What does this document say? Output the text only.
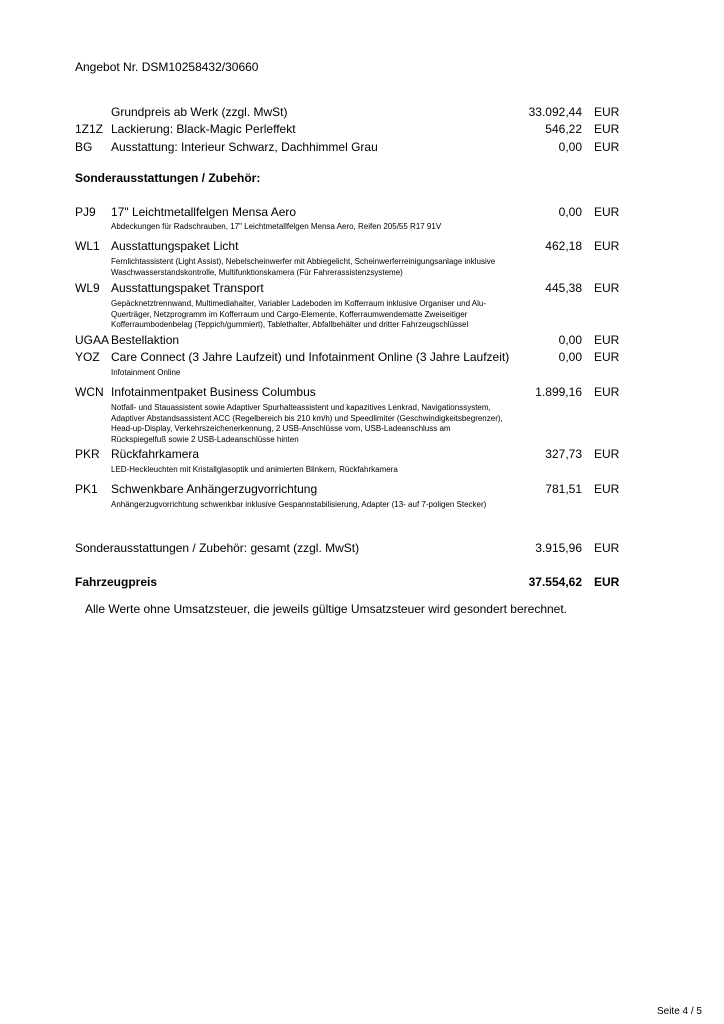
Angebot Nr. DSM10258432/30660
Grundpreis ab Werk (zzgl. MwSt)	33.092,44 EUR
1Z1Z Lackierung: Black-Magic Perleffekt	546,22 EUR
BG Ausstattung: Interieur Schwarz, Dachhimmel Grau	0,00 EUR
Sonderausstattungen / Zubehör:
PJ9 17" Leichtmetallfelgen Mensa Aero	0,00 EUR
Abdeckungen für Radschrauben, 17" Leichtmetallfelgen Mensa Aero, Reifen 205/55 R17 91V
WL1 Ausstattungspaket Licht	462,18 EUR
Fernlichtassistent (Light Assist), Nebelscheinwerfer mit Abbiegelicht, Scheinwerferreinigungsanlage inklusive Waschwasserstandskontrolle, Multifunktionskamera (Für Fahrerassistenzsysteme)
WL9 Ausstattungspaket Transport	445,38 EUR
Gepäcknetztrennwand, Multimediahalter, Variabler Ladeboden im Kofferraum inklusive Organiser und Alu-Querträger, Netzprogramm im Kofferraum und Cargo-Elemente, Kofferraumwendematte Zweiseitiger Kofferraumbodenbelag (Teppich/gummiert), Tablethalter, Abfallbehälter und dritter Fahrzeugschlüssel
UGAA Bestellaktion	0,00 EUR
YOZ Care Connect (3 Jahre Laufzeit) und Infotainment Online (3 Jahre Laufzeit)	0,00 EUR
Infotainment Online
WCN Infotainmentpaket Business Columbus	1.899,16 EUR
Notfall- und Stauassistent sowie Adaptiver Spurhalteassistent und kapazitives Lenkrad, Navigationssystem, Adaptiver Abstandsassistent ACC (Regelbereich bis 210 km/h) und Speedlimiter (Geschwindigkeitsbegrenzer), Head-up-Display, Verkehrszeichenerkennung, 2 USB-Anschlüsse vorn, USB-Ladeanschluss am Rückspiegelfuß sowie 2 USB-Ladeanschlüsse hinten
PKR Rückfahrkamera	327,73 EUR
LED-Heckleuchten mit Kristallglasoptik und animierten Blinkern, Rückfahrkamera
PK1 Schwenkbare Anhängerzugvorrichtung	781,51 EUR
Anhängerzugvorrichtung schwenkbar inklusive Gespannstabilisierung, Adapter (13- auf 7-poligen Stecker)
Sonderausstattungen / Zubehör: gesamt (zzgl. MwSt)	3.915,96 EUR
Fahrzeugpreis	37.554,62 EUR
Alle Werte ohne Umsatzsteuer, die jeweils gültige Umsatzsteuer wird gesondert berechnet.
Seite 4 / 5
